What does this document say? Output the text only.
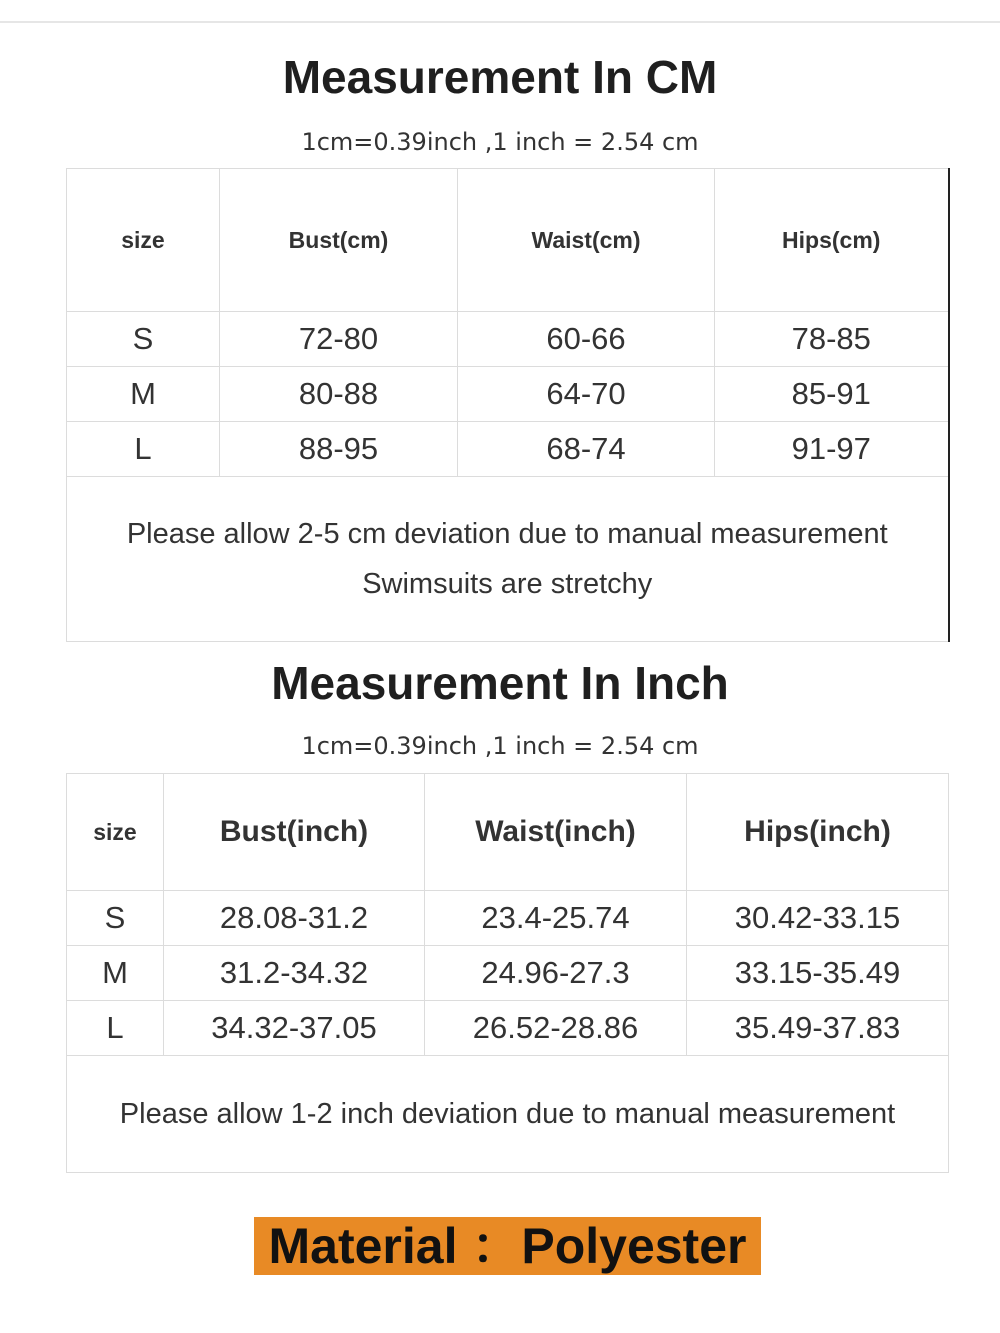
Measurement In CM
1cm=0.39inch ,1 inch = 2.54 cm
size	Bust(cm)	Waist(cm)	Hips(cm)
S	72-80	60-66	78-85
M	80-88	64-70	85-91
L	88-95	68-74	91-97

Please allow 2-5 cm deviation due to manual measurement
Swimsuits are stretchy			
Measurement In Inch
1cm=0.39inch ,1 inch = 2.54 cm
size	Bust(inch)	Waist(inch)	Hips(inch)
S	28.08-31.2	23.4-25.74	30.42-33.15
M	31.2-34.32	24.96-27.3	33.15-35.49
L	34.32-37.05	26.52-28.86	35.49-37.83

Please allow 1-2 inch deviation due to manual measurement			
Material ：Polyester
